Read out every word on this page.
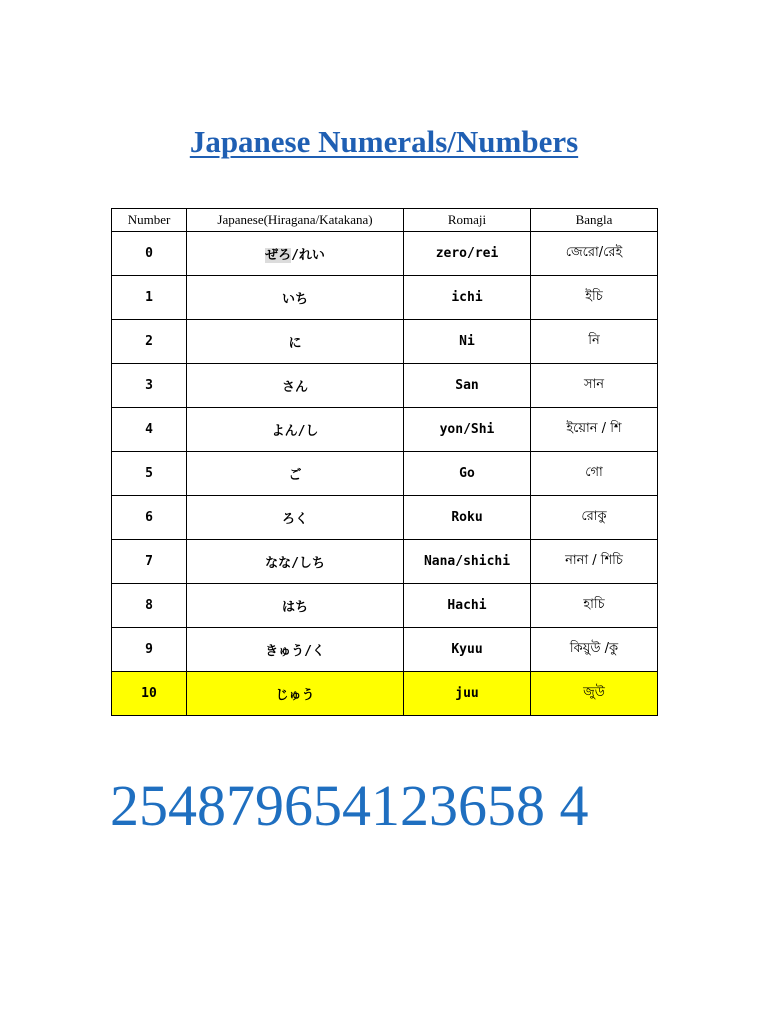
Japanese Numerals/Numbers
Number	Japanese(Hiragana/Katakana)	Romaji	Bangla
0	ぜろ/れい	zero/rei	জেরো/রেই
1	いち	ichi	ইচি
2	に	Ni	নি
3	さん	San	সান
4	よん/し	yon/Shi	ইয়োন / শি
5	ご	Go	গো
6	ろく	Roku	রোকু
7	なな/しち	Nana/shichi	নানা / শিচি
8	はち	Hachi	হাচি
9	きゅう/く	Kyuu	কিয়ুউ /কু
10	じゅう	juu	জুউ
254879654123658 4
